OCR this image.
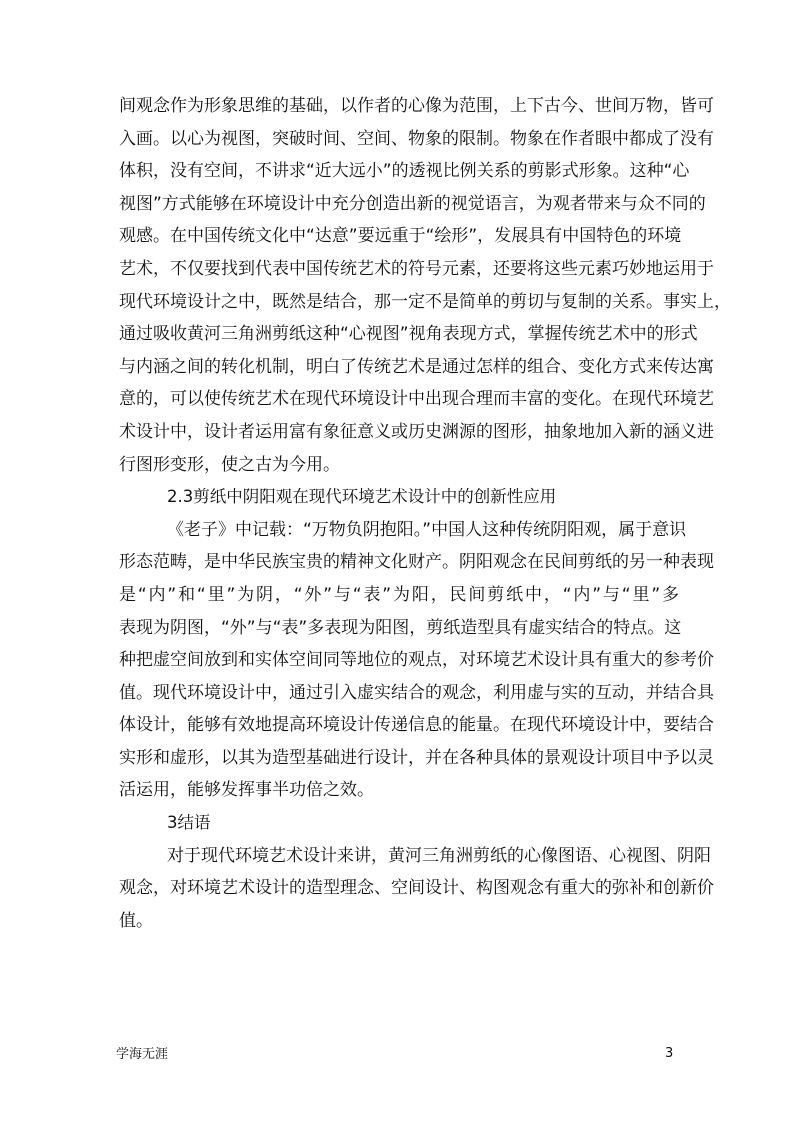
间观念作为形象思维的基础，以作者的心像为范围，上下古今、世间万物，皆可
入画。以心为视图，突破时间、空间、物象的限制。物象在作者眼中都成了没有
体积，没有空间，不讲求“近大远小”的透视比例关系的剪影式形象。这种“心
视图”方式能够在环境设计中充分创造出新的视觉语言，为观者带来与众不同的
观感。在中国传统文化中“达意”要远重于“绘形”，发展具有中国特色的环境
艺术，不仅要找到代表中国传统艺术的符号元素，还要将这些元素巧妙地运用于
现代环境设计之中，既然是结合，那一定不是简单的剪切与复制的关系。事实上，
通过吸收黄河三角洲剪纸这种“心视图”视角表现方式，掌握传统艺术中的形式
与内涵之间的转化机制，明白了传统艺术是通过怎样的组合、变化方式来传达寓
意的，可以使传统艺术在现代环境设计中出现合理而丰富的变化。在现代环境艺
术设计中，设计者运用富有象征意义或历史渊源的图形，抽象地加入新的涵义进
行图形变形，使之古为今用。
2.3剪纸中阴阳观在现代环境艺术设计中的创新性应用
《老子》中记载：“万物负阴抱阳。”中国人这种传统阴阳观，属于意识
形态范畴，是中华民族宝贵的精神文化财产。阴阳观念在民间剪纸的另一种表现
是“内”和“里”为阴，“外”与“表”为阳，民间剪纸中，“内”与“里”多
表现为阴图，“外”与“表”多表现为阳图，剪纸造型具有虚实结合的特点。这
种把虚空间放到和实体空间同等地位的观点，对环境艺术设计具有重大的参考价
值。现代环境设计中，通过引入虚实结合的观念，利用虚与实的互动，并结合具
体设计，能够有效地提高环境设计传递信息的能量。在现代环境设计中，要结合
实形和虚形，以其为造型基础进行设计，并在各种具体的景观设计项目中予以灵
活运用，能够发挥事半功倍之效。
3结语
对于现代环境艺术设计来讲，黄河三角洲剪纸的心像图语、心视图、阴阳
观念，对环境艺术设计的造型理念、空间设计、构图观念有重大的弥补和创新价
值。
学海无涯	3
